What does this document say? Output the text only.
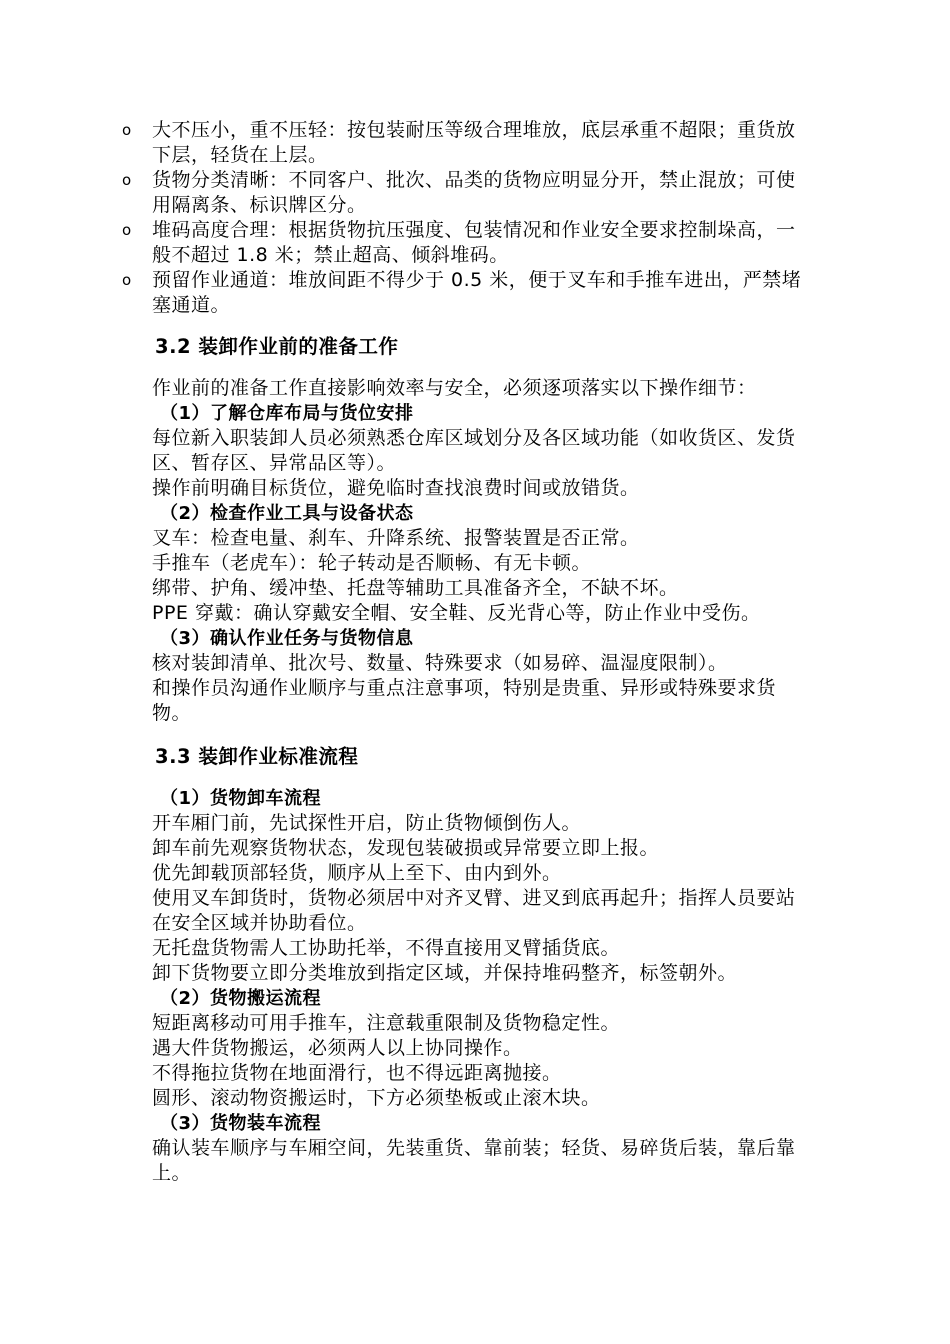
o 大不压小，重不压轻：按包装耐压等级合理堆放，底层承重不超限；重货放下层，轻货在上层。
o 货物分类清晰：不同客户、批次、品类的货物应明显分开，禁止混放；可使用隔离条、标识牌区分。
o 堆码高度合理：根据货物抗压强度、包装情况和作业安全要求控制垛高，一般不超过 1.8 米；禁止超高、倾斜堆码。
o 预留作业通道：堆放间距不得少于 0.5 米，便于叉车和手推车进出，严禁堵塞通道。
3.2 装卸作业前的准备工作

作业前的准备工作直接影响效率与安全，必须逐项落实以下操作细节：

（1）了解仓库布局与货位安排

每位新入职装卸人员必须熟悉仓库区域划分及各区域功能（如收货区、发货区、暂存区、异常品区等）。

操作前明确目标货位，避免临时查找浪费时间或放错货。

（2）检查作业工具与设备状态

叉车：检查电量、刹车、升降系统、报警装置是否正常。

手推车（老虎车）：轮子转动是否顺畅、有无卡顿。

绑带、护角、缓冲垫、托盘等辅助工具准备齐全，不缺不坏。

PPE 穿戴：确认穿戴安全帽、安全鞋、反光背心等，防止作业中受伤。

（3）确认作业任务与货物信息

核对装卸清单、批次号、数量、特殊要求（如易碎、温湿度限制）。

和操作员沟通作业顺序与重点注意事项，特别是贵重、异形或特殊要求货物。

3.3 装卸作业标准流程
（1）货物卸车流程

开车厢门前，先试探性开启，防止货物倾倒伤人。

卸车前先观察货物状态，发现包装破损或异常要立即上报。

优先卸载顶部轻货，顺序从上至下、由内到外。

使用叉车卸货时，货物必须居中对齐叉臂、进叉到底再起升；指挥人员要站在安全区域并协助看位。

无托盘货物需人工协助托举，不得直接用叉臂插货底。

卸下货物要立即分类堆放到指定区域，并保持堆码整齐，标签朝外。

（2）货物搬运流程

短距离移动可用手推车，注意载重限制及货物稳定性。

遇大件货物搬运，必须两人以上协同操作。

不得拖拉货物在地面滑行，也不得远距离抛接。

圆形、滚动物资搬运时，下方必须垫板或止滚木块。

（3）货物装车流程

确认装车顺序与车厢空间，先装重货、靠前装；轻货、易碎货后装，靠后靠上。
